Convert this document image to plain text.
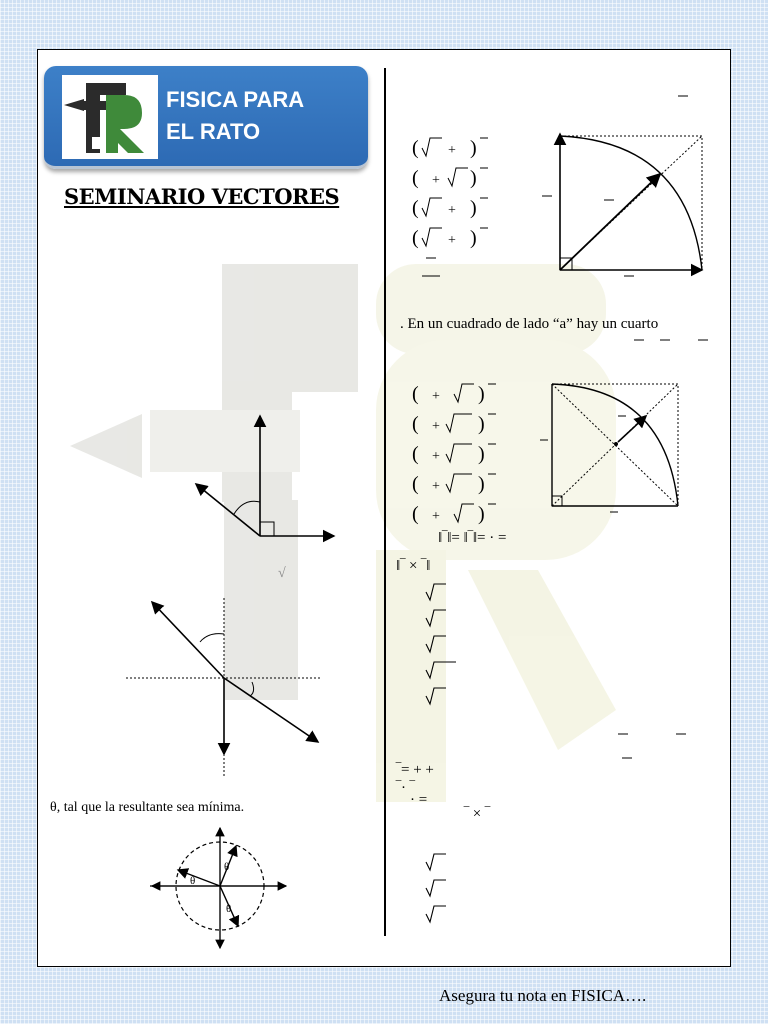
FISICA PARA
EL RATO
SEMINARIO VECTORES
√
θ, tal que la resultante sea mínima.
θ
θ
θ
(	)
(	)
(	)
(	)
+
+
+
+
. En un cuadrado de lado “a” hay un cuarto
(	)
(	)
(	)
(	)
(	)
+
+
+
+
+
‖‾‖= ‖‾‖= · =
‖‾ × ‾‖
‾= + +
‾· ‾
· =
‾ × ‾
Asegura tu nota en FISICA….
